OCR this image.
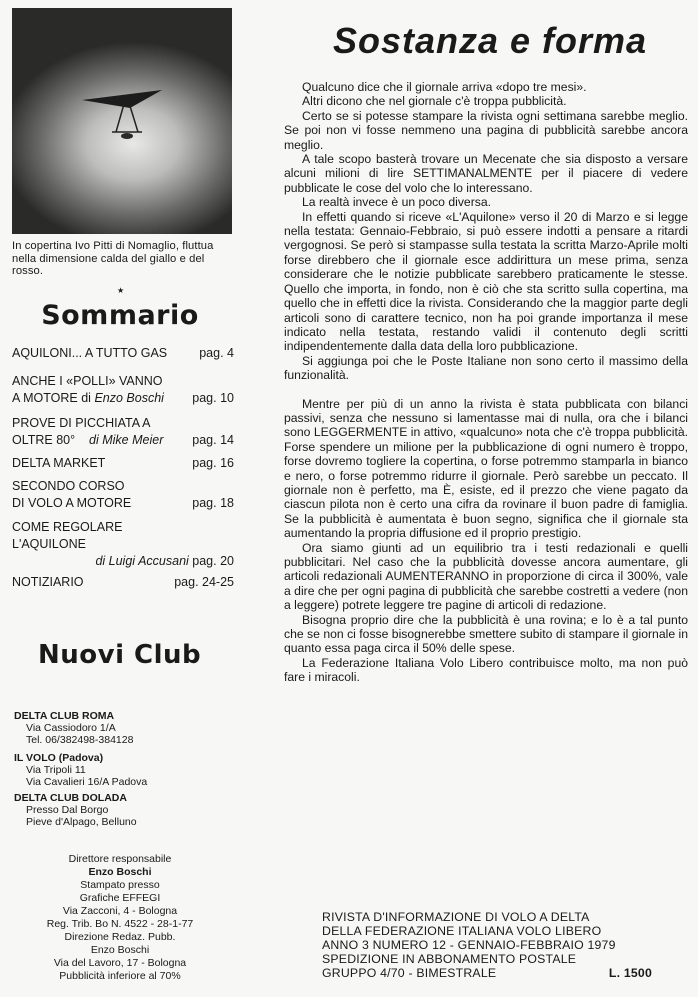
In copertina Ivo Pitti di Nomaglio, fluttua nella dimensione calda del giallo e del rosso.
★
Sommario
AQUILONI... A TUTTO GAS	pag. 4
ANCHE I «POLLI» VANNO
A MOTORE di Enzo Boschi pag. 10
PROVE DI PICCHIATA A
OLTRE 80° di Mike Meier pag. 14
DELTA MARKET	pag. 16
SECONDO CORSO
DI VOLO A MOTORE	pag. 18
COME REGOLARE
L'AQUILONE
di Luigi Accusani pag. 20
NOTIZIARIO	pag. 24-25
Nuovi Club
DELTA CLUB ROMA
Via Cassiodoro 1/A
Tel. 06/382498-384128
IL VOLO (Padova)
Via Tripoli 11
Via Cavalieri 16/A Padova
DELTA CLUB DOLADA
Presso Dal Borgo
Pieve d'Alpago, Belluno
Direttore responsabile
Enzo Boschi
Stampato presso
Grafiche EFFEGI
Via Zacconi, 4 - Bologna
Reg. Trib. Bo N. 4522 - 28-1-77
Direzione Redaz. Pubb.
Enzo Boschi
Via del Lavoro, 17 - Bologna
Pubblicità inferiore al 70%
Sostanza e forma

Qualcuno dice che il giornale arriva «dopo tre mesi».

Altri dicono che nel giornale c'è troppa pubblicità.

Certo se si potesse stampare la rivista ogni settimana sarebbe meglio. Se poi non vi fosse nemmeno una pagina di pubblicità sarebbe ancora meglio.

A tale scopo basterà trovare un Mecenate che sia disposto a versare alcuni milioni di lire SETTIMANALMENTE per il piacere di vedere pubblicate le cose del volo che lo interessano.

La realtà invece è un poco diversa.

In effetti quando si riceve «L'Aquilone» verso il 20 di Marzo e si legge nella testata: Gennaio-Febbraio, si può essere indotti a pensare a ritardi vergognosi. Se però si stampasse sulla testata la scritta Marzo-Aprile molti forse direbbero che il giornale esce addirittura un mese prima, senza considerare che le notizie pubblicate sarebbero praticamente le stesse. Quello che importa, in fondo, non è ciò che sta scritto sulla copertina, ma quello che in effetti dice la rivista. Considerando che la maggior parte degli articoli sono di carattere tecnico, non ha poi grande importanza il mese indicato nella testata, restando validi il contenuto degli scritti indipendentemente dalla data della loro pubblicazione.

Si aggiunga poi che le Poste Italiane non sono certo il massimo della funzionalità.

Mentre per più di un anno la rivista è stata pubblicata con bilanci passivi, senza che nessuno si lamentasse mai di nulla, ora che i bilanci sono LEGGERMENTE in attivo, «qualcuno» nota che c'è troppa pubblicità. Forse spendere un milione per la pubblicazione di ogni numero è troppo, forse dovremo togliere la copertina, o forse potremmo stamparla in bianco e nero, o forse potremmo ridurre il giornale. Però sarebbe un peccato. Il giornale non è perfetto, ma È, esiste, ed il prezzo che viene pagato da ciascun pilota non è certo una cifra da rovinare il buon padre di famiglia. Se la pubblicità è aumentata è buon segno, significa che il giornale sta aumentando la propria diffusione ed il proprio prestigio.

Ora siamo giunti ad un equilibrio tra i testi redazionali e quelli pubblicitari. Nel caso che la pubblicità dovesse ancora aumentare, gli articoli redazionali AUMENTERANNO in proporzione di circa il 300%, vale a dire che per ogni pagina di pubblicità che sarebbe costretti a vedere (non a leggere) potrete leggere tre pagine di articoli di redazione.

Bisogna proprio dire che la pubblicità è una rovina; e lo è a tal punto che se non ci fosse bisognerebbe smettere subito di stampare il giornale in quanto essa paga circa il 50% delle spese.

La Federazione Italiana Volo Libero contribuisce molto, ma non può fare i miracoli.

RIVISTA D'INFORMAZIONE DI VOLO A DELTA
DELLA FEDERAZIONE ITALIANA VOLO LIBERO
ANNO 3 NUMERO 12 - GENNAIO-FEBBRAIO 1979
SPEDIZIONE IN ABBONAMENTO POSTALE
GRUPPO 4/70 - BIMESTRALE	L. 1500
